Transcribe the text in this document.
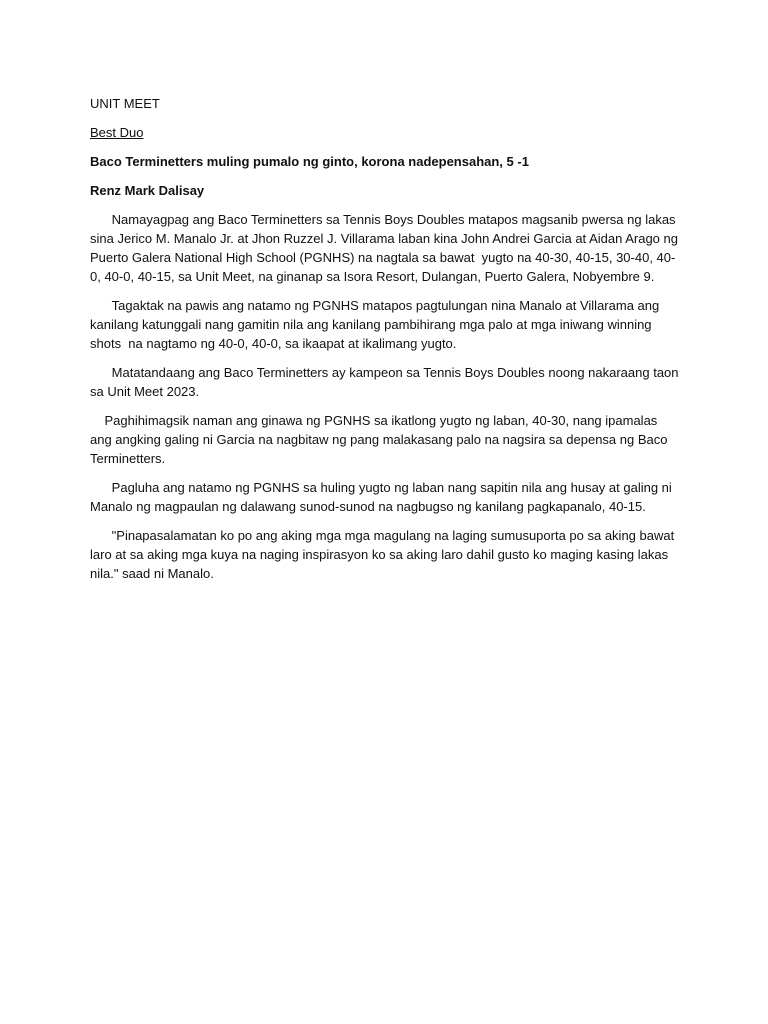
UNIT MEET

Best Duo

Baco Terminetters muling pumalo ng ginto, korona nadepensahan, 5 -1

Renz Mark Dalisay

Namayagpag ang Baco Terminetters sa Tennis Boys Doubles matapos magsanib pwersa ng lakas sina Jerico M. Manalo Jr. at Jhon Ruzzel J. Villarama laban kina John Andrei Garcia at Aidan Arago ng Puerto Galera National High School (PGNHS) na nagtala sa bawat  yugto na 40-30, 40-15, 30-40, 40-0, 40-0, 40-15, sa Unit Meet, na ginanap sa Isora Resort, Dulangan, Puerto Galera, Nobyembre 9.

Tagaktak na pawis ang natamo ng PGNHS matapos pagtulungan nina Manalo at Villarama ang kanilang katunggali nang gamitin nila ang kanilang pambihirang mga palo at mga iniwang winning shots  na nagtamo ng 40-0, 40-0, sa ikaapat at ikalimang yugto.

Matatandaang ang Baco Terminetters ay kampeon sa Tennis Boys Doubles noong nakaraang taon sa Unit Meet 2023.

Paghihimagsik naman ang ginawa ng PGNHS sa ikatlong yugto ng laban, 40-30, nang ipamalas ang angking galing ni Garcia na nagbitaw ng pang malakasang palo na nagsira sa depensa ng Baco Terminetters.

Pagluha ang natamo ng PGNHS sa huling yugto ng laban nang sapitin nila ang husay at galing ni Manalo ng magpaulan ng dalawang sunod-sunod na nagbugso ng kanilang pagkapanalo, 40-15.

"Pinapasalamatan ko po ang aking mga mga magulang na laging sumusuporta po sa aking bawat laro at sa aking mga kuya na naging inspirasyon ko sa aking laro dahil gusto ko maging kasing lakas nila." saad ni Manalo.
